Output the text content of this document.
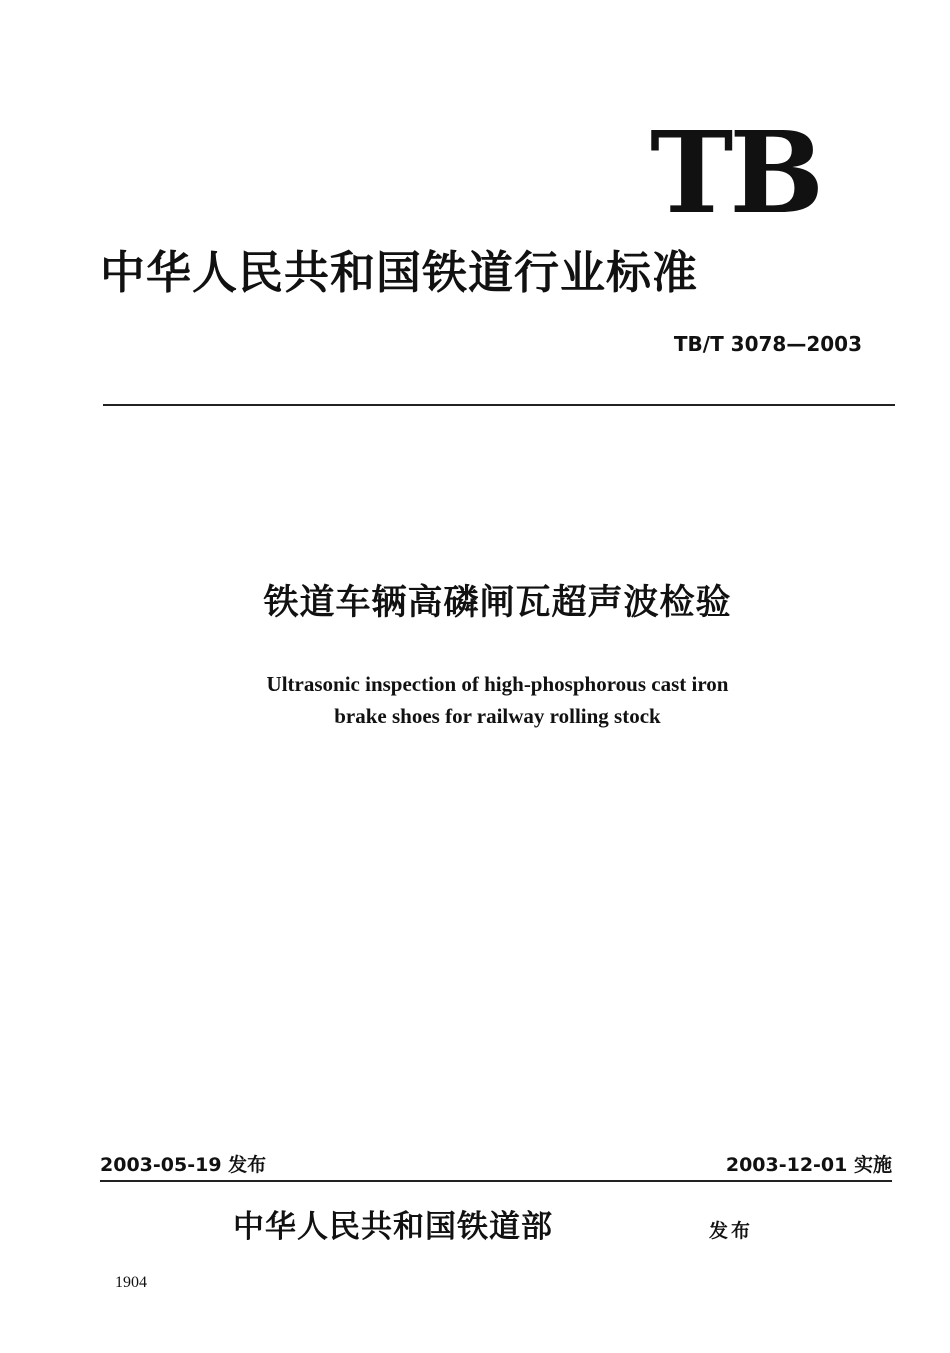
TB
中华人民共和国铁道行业标准
TB/T 3078—2003
铁道车辆高磷闸瓦超声波检验
Ultrasonic inspection of high-phosphorous cast iron
brake shoes for railway rolling stock
2003-05-19 发布	2003-12-01 实施
中华人民共和国铁道部	发布
1904
